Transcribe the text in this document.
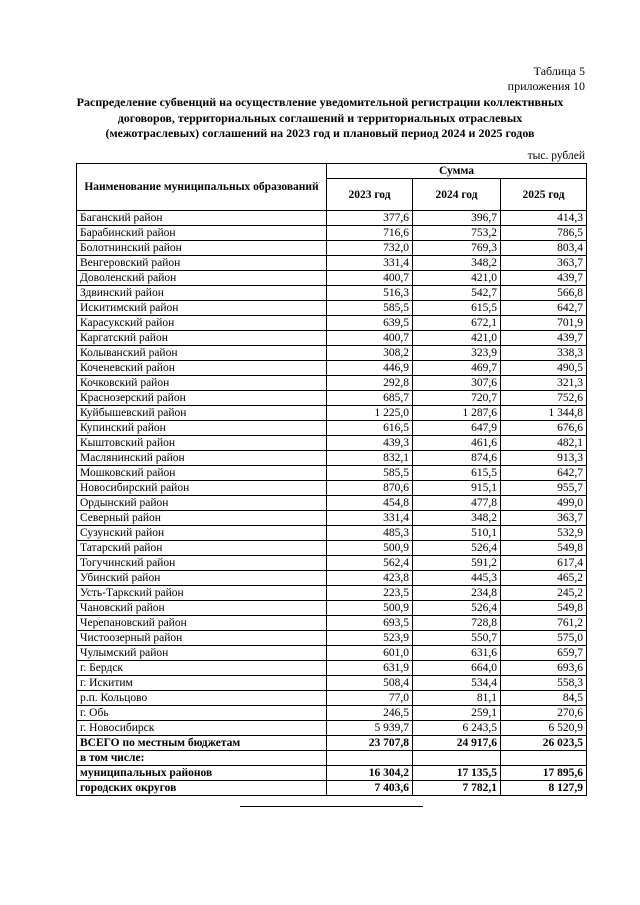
Таблица 5
приложения 10
Распределение субвенций на осуществление уведомительной регистрации коллективных договоров, территориальных соглашений и территориальных отраслевых (межотраслевых) соглашений на 2023 год и плановый период 2024 и 2025 годов
тыс. рублей
Наименование муниципальных образований	Сумма		
	2023 год	2024 год	2025 год
Баганский район	377,6	396,7	414,3
Барабинский район	716,6	753,2	786,5
Болотнинский район	732,0	769,3	803,4
Венгеровский район	331,4	348,2	363,7
Доволенский район	400,7	421,0	439,7
Здвинский район	516,3	542,7	566,8
Искитимский район	585,5	615,5	642,7
Карасукский район	639,5	672,1	701,9
Каргатский район	400,7	421,0	439,7
Колыванский район	308,2	323,9	338,3
Коченевский район	446,9	469,7	490,5
Кочковский район	292,8	307,6	321,3
Краснозерский район	685,7	720,7	752,6
Куйбышевский район	1 225,0	1 287,6	1 344,8
Купинский район	616,5	647,9	676,6
Кыштовский район	439,3	461,6	482,1
Маслянинский район	832,1	874,6	913,3
Мошковский район	585,5	615,5	642,7
Новосибирский район	870,6	915,1	955,7
Ордынский район	454,8	477,8	499,0
Северный район	331,4	348,2	363,7
Сузунский район	485,3	510,1	532,9
Татарский район	500,9	526,4	549,8
Тогучинский район	562,4	591,2	617,4
Убинский район	423,8	445,3	465,2
Усть-Таркский район	223,5	234,8	245,2
Чановский район	500,9	526,4	549,8
Черепановский район	693,5	728,8	761,2
Чистоозерный район	523,9	550,7	575,0
Чулымский район	601,0	631,6	659,7
г. Бердск	631,9	664,0	693,6
г. Искитим	508,4	534,4	558,3
р.п. Кольцово	77,0	81,1	84,5
г. Обь	246,5	259,1	270,6
г. Новосибирск	5 939,7	6 243,5	6 520,9
ВСЕГО по местным бюджетам	23 707,8	24 917,6	26 023,5
в том числе:			
муниципальных районов	16 304,2	17 135,5	17 895,6
городских округов	7 403,6	7 782,1	8 127,9
